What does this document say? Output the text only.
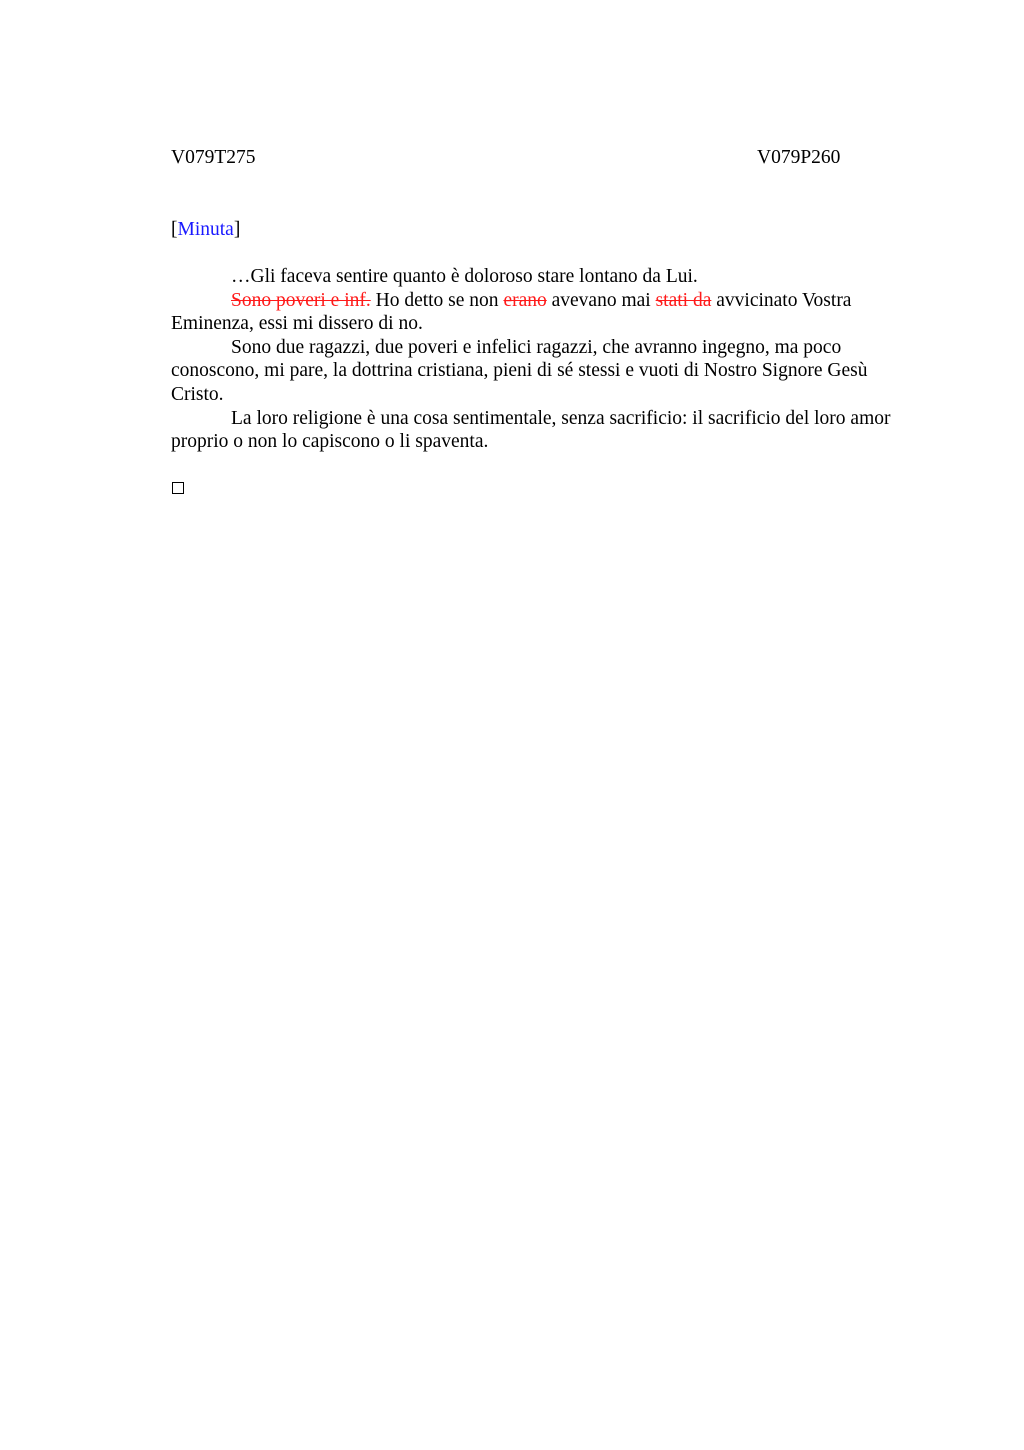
V079T275	V079P260
[Minuta]

…Gli faceva sentire quanto è doloroso stare lontano da Lui.

Sono poveri e inf. Ho detto se non erano avevano mai stati da avvicinato Vostra Eminenza, essi mi dissero di no.

Sono due ragazzi, due poveri e infelici ragazzi, che avranno ingegno, ma poco conoscono, mi pare, la dottrina cristiana, pieni di sé stessi e vuoti di Nostro Signore Gesù Cristo.

La loro religione è una cosa sentimentale, senza sacrificio: il sacrificio del loro amor proprio o non lo capiscono o li spaventa.
